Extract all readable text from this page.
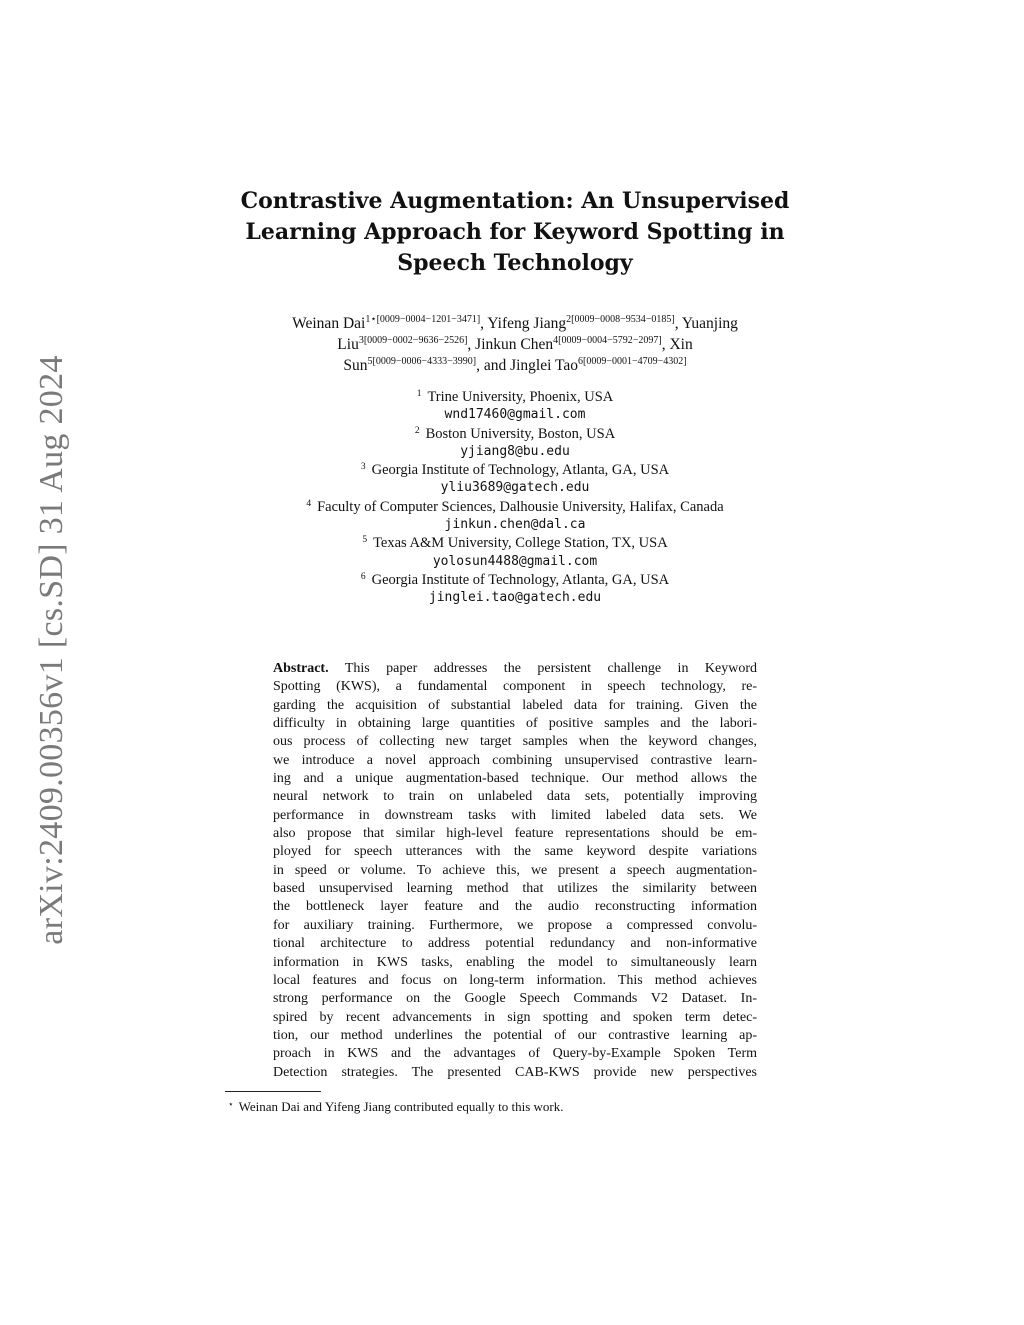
arXiv:2409.00356v1 [cs.SD] 31 Aug 2024
Contrastive Augmentation: An Unsupervised
Learning Approach for Keyword Spotting in
Speech Technology
Weinan Dai$^{1⋆[0009-0004-1201-3471]}$, Yifeng Jiang$^{2[0009-0008-9534-0185]}$, Yuanjing
Liu$^{3[0009-0002-9636-2526]}$, Jinkun Chen$^{4[0009-0004-5792-2097]}$, Xin
Sun$^{5[0009-0006-4333-3990]}$, and Jinglei Tao$^{6[0009-0001-4709-4302]}$
$^1$ Trine University, Phoenix, USA
wnd17460@gmail.com
$^2$ Boston University, Boston, USA
yjiang8@bu.edu
$^3$ Georgia Institute of Technology, Atlanta, GA, USA
yliu3689@gatech.edu
$^4$ Faculty of Computer Sciences, Dalhousie University, Halifax, Canada
jinkun.chen@dal.ca
$^5$ Texas A&M University, College Station, TX, USA
yolosun4488@gmail.com
$^6$ Georgia Institute of Technology, Atlanta, GA, USA
jinglei.tao@gatech.edu
Abstract. This paper addresses the persistent challenge in Keyword
Spotting (KWS), a fundamental component in speech technology, re-
garding the acquisition of substantial labeled data for training. Given the
difficulty in obtaining large quantities of positive samples and the labori-
ous process of collecting new target samples when the keyword changes,
we introduce a novel approach combining unsupervised contrastive learn-
ing and a unique augmentation-based technique. Our method allows the
neural network to train on unlabeled data sets, potentially improving
performance in downstream tasks with limited labeled data sets. We
also propose that similar high-level feature representations should be em-
ployed for speech utterances with the same keyword despite variations
in speed or volume. To achieve this, we present a speech augmentation-
based unsupervised learning method that utilizes the similarity between
the bottleneck layer feature and the audio reconstructing information
for auxiliary training. Furthermore, we propose a compressed convolu-
tional architecture to address potential redundancy and non-informative
information in KWS tasks, enabling the model to simultaneously learn
local features and focus on long-term information. This method achieves
strong performance on the Google Speech Commands V2 Dataset. In-
spired by recent advancements in sign spotting and spoken term detec-
tion, our method underlines the potential of our contrastive learning ap-
proach in KWS and the advantages of Query-by-Example Spoken Term
Detection strategies. The presented CAB-KWS provide new perspectives
⋆ Weinan Dai and Yifeng Jiang contributed equally to this work.
